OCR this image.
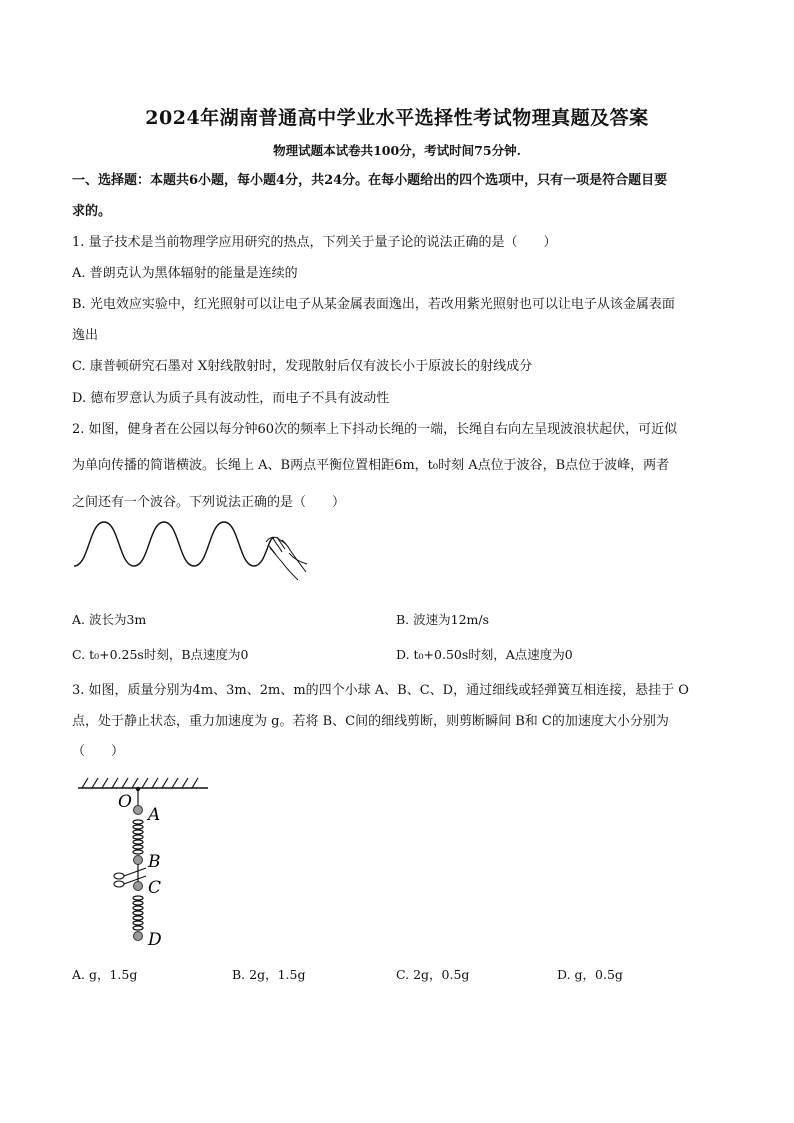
2024年湖南普通高中学业水平选择性考试物理真题及答案
物理试题本试卷共100分，考试时间75分钟.
一、选择题：本题共6小题，每小题4分，共24分。在每小题给出的四个选项中，只有一项是符合题目要
求的。
1. 量子技术是当前物理学应用研究的热点，下列关于量子论的说法正确的是（　　）
A. 普朗克认为黑体辐射的能量是连续的
B. 光电效应实验中，红光照射可以让电子从某金属表面逸出，若改用紫光照射也可以让电子从该金属表面
逸出
C. 康普顿研究石墨对 X射线散射时，发现散射后仅有波长小于原波长的射线成分
D. 德布罗意认为质子具有波动性，而电子不具有波动性
2. 如图，健身者在公园以每分钟60次的频率上下抖动长绳的一端，长绳自右向左呈现波浪状起伏，可近似
为单向传播的简谐横波。长绳上 A、B两点平衡位置相距6m，t₀时刻 A点位于波谷，B点位于波峰，两者
之间还有一个波谷。下列说法正确的是（　　）
A. 波长为3m	B. 波速为12m/s
C. t₀+0.25s时刻，B点速度为0	D. t₀+0.50s时刻，A点速度为0
3. 如图，质量分别为4m、3m、2m、m的四个小球 A、B、C、D，通过细线或轻弹簧互相连接，悬挂于 O
点，处于静止状态，重力加速度为 g。若将 B、C间的细线剪断，则剪断瞬间 B和 C的加速度大小分别为
（　　）
O
A
B
C
D
A. g，1.5g	B. 2g，1.5g	C. 2g，0.5g	D. g，0.5g
